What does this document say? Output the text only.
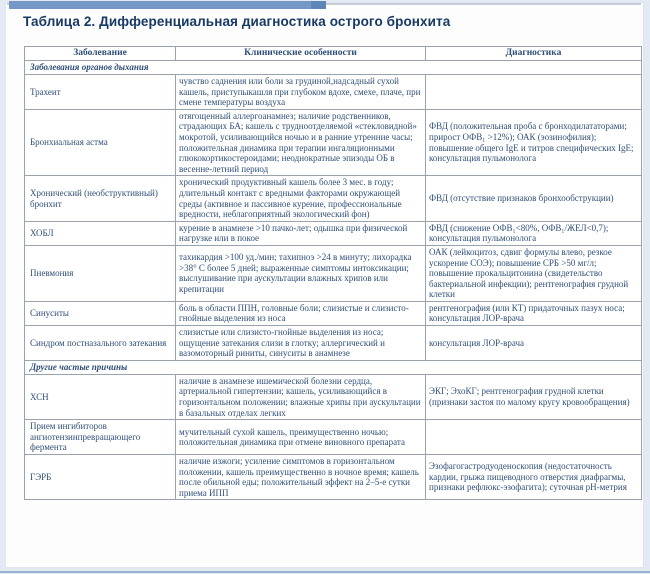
Таблица 2. Дифференциальная диагностика острого бронхита
Заболевание	Клинические особенности	Диагностика
Заболевания органов дыхания		
Трахеит	чувство саднения или боли за грудиной,надсадный сухой кашель, приступыкашля при глубоком вдохе, смехе, плаче, при смене температуры воздуха	
Бронхиальная астма	отягощенный аллергоанамнез; наличие родственников, страдающих БА; кашель с трудноотделяемой «стекловидной» мокротой, усиливающийся ночью и в ранние утренние часы; положительная динамика при терапии ингаляционными глюкокортикостероидами; неоднократные эпизоды ОБ в весенне-летний период	ФВД (положительная проба с бронходилататорами; прирост ОФВ₁ >12%); ОАК (эозинофилия); повышение общего IgE и титров специфических IgE; консультация пульмонолога
Хронический (необструктивный) бронхит	хронический продуктивный кашель более 3 мес. в году; длительный контакт с вредными факторами окружающей среды (активное и пассивное курение, профессиональные вредности, неблагоприятный экологический фон)	ФВД (отсутствие признаков бронхообструкции)
ХОБЛ	курение в анамнезе >10 пачко-лет; одышка при физической нагрузке или в покое	ФВД (снижение ОФВ₁<80%, ОФВ₁/ЖЕЛ<0,7); консультация пульмонолога
Пневмония	тахикардия >100 уд./мин; тахипноэ >24 в минуту; лихорадка >38° С более 5 дней; выраженные симптомы интоксикации; выслушивание при аускультации влажных хрипов или крепитации	ОАК (лейкоцитоз, сдвиг формулы влево, резкое ускорение СОЭ); повышение СРБ >50 мг/л; повышение прокальцитонина (свидетельство бактериальной инфекции); рентгенография грудной клетки
Синуситы	боль в области ППН, головные боли; слизистые и слизисто-гнойные выделения из носа	рентгенография (или КТ) придаточных пазух носа; консультация ЛОР-врача
Синдром постназального затекания	слизистые или слизисто-гнойные выделения из носа; ощущение затекания слизи в глотку; аллергический и вазомоторный риниты, синуситы в анамнезе	консультация ЛОР-врача
Другие частые причины		
ХСН	наличие в анамнезе ишемической болезни сердца, артериальной гипертензии; кашель, усиливающийся в горизонтальном положении; влажные хрипы при аускультации в базальных отделах легких	ЭКГ; ЭхоКГ; рентгенография грудной клетки (признаки застоя по малому кругу кровообращения)
Прием ингибиторов ангиотензинпревращающего фермента	мучительный сухой кашель, преимущественно ночью; положительная динамика при отмене виновного препарата	
ГЭРБ	наличие изжоги; усиление симптомов в горизонтальном положении, кашель преимущественно в ночное время; кашель после обильной еды; положительный эффект на 2–5-е сутки приема ИПП	Эзофагогастродуоденоскопия (недостаточность кардии, грыжа пищеводного отверстия диафрагмы, признаки рефлюкс-эзофагита); суточная pH-метрия
